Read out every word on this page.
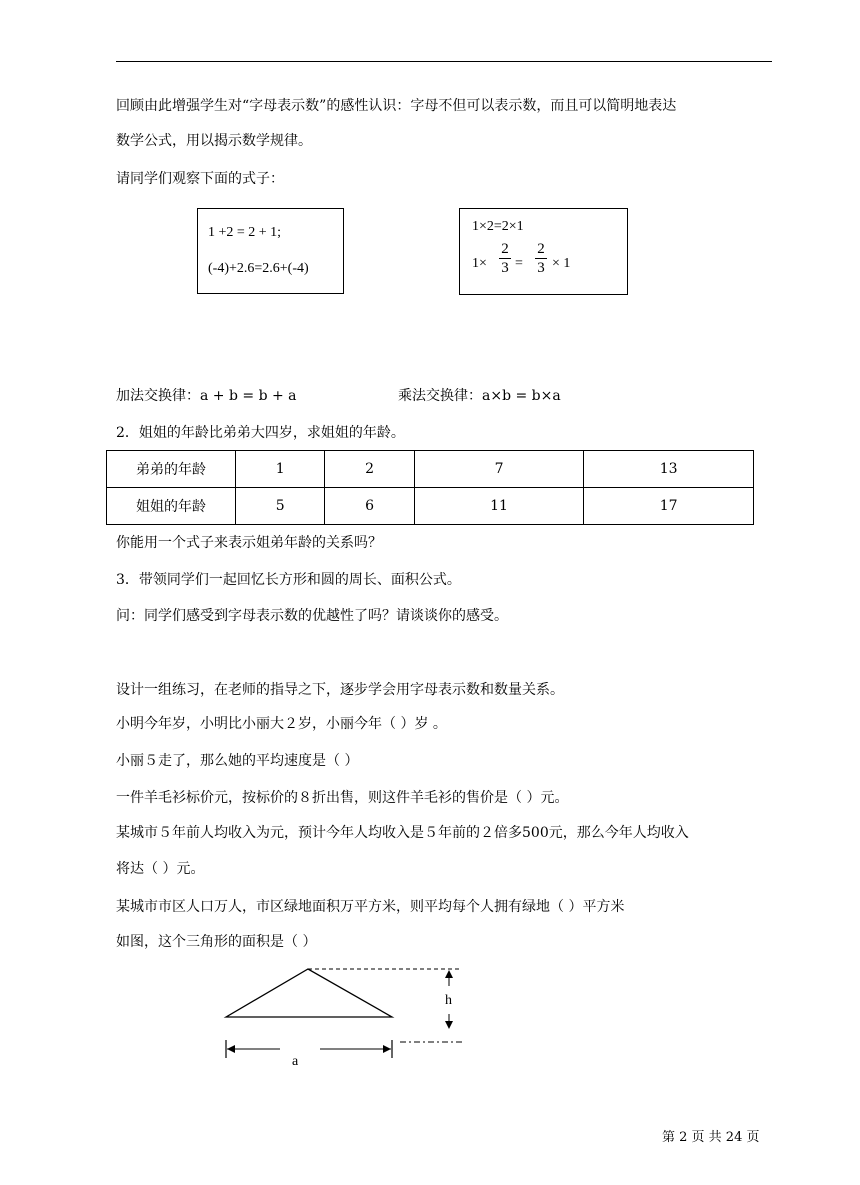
回顾由此增强学生对“字母表示数”的感性认识：字母不但可以表示数，而且可以简明地表达
数学公式，用以揭示数学规律。
请同学们观察下面的式子：
1 +2 = 2 + 1;
(-4)+2.6=2.6+(-4)
1×2=2×1
1×
2
3 =
2
3 × 1
加法交换律：a + b = b + a	乘法交换律：a×b = b×a
2．姐姐的年龄比弟弟大四岁，求姐姐的年龄。
弟弟的年龄	1	2	7	13
姐姐的年龄	5	6	11	17
你能用一个式子来表示姐弟年龄的关系吗？
3．带领同学们一起回忆长方形和圆的周长、面积公式。
问：同学们感受到字母表示数的优越性了吗？请谈谈你的感受。
设计一组练习，在老师的指导之下，逐步学会用字母表示数和数量关系。
小明今年岁，小明比小丽大２岁，小丽今年（ ）岁 。
小丽５走了，那么她的平均速度是（ ）
一件羊毛衫标价元，按标价的８折出售，则这件羊毛衫的售价是（ ）元。
某城市５年前人均收入为元，预计今年人均收入是５年前的２倍多500元，那么今年人均收入
将达（ ）元。
某城市市区人口万人，市区绿地面积万平方米，则平均每个人拥有绿地（ ）平方米
如图，这个三角形的面积是（ ）
h
a
第 2 页 共 24 页
